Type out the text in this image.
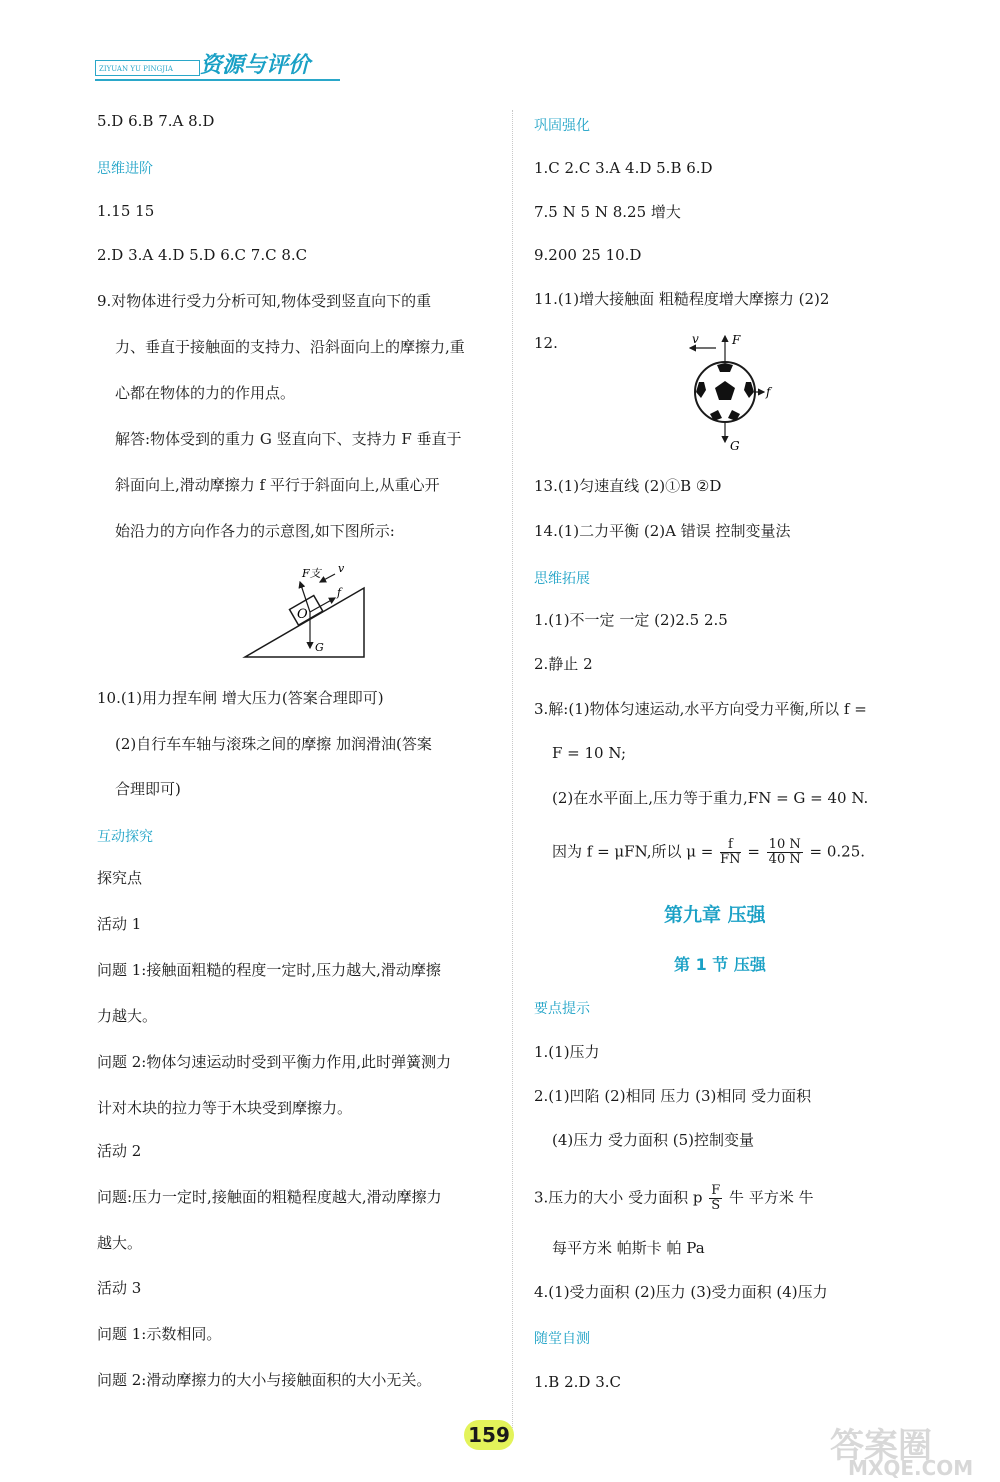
ZIYUAN YU PINGJIA	资源与评价
5.D 6.B 7.A 8.D
思维进阶
1.15 15
2.D 3.A 4.D 5.D 6.C 7.C 8.C
9.对物体进行受力分析可知,物体受到竖直向下的重
力、垂直于接触面的支持力、沿斜面向上的摩擦力,重
心都在物体的力的作用点。
解答:物体受到的重力 G 竖直向下、支持力 F 垂直于
斜面向上,滑动摩擦力 f 平行于斜面向上,从重心开
始沿力的方向作各力的示意图,如下图所示:
F支 v
f
O
G
10.(1)用力捏车闸 增大压力(答案合理即可)
(2)自行车车轴与滚珠之间的摩擦 加润滑油(答案
合理即可)
互动探究
探究点
活动 1
问题 1:接触面粗糙的程度一定时,压力越大,滑动摩擦
力越大。
问题 2:物体匀速运动时受到平衡力作用,此时弹簧测力
计对木块的拉力等于木块受到摩擦力。
活动 2
问题:压力一定时,接触面的粗糙程度越大,滑动摩擦力
越大。
活动 3
问题 1:示数相同。
问题 2:滑动摩擦力的大小与接触面积的大小无关。
巩固强化
1.C 2.C 3.A 4.D 5.B 6.D
7.5 N 5 N 8.25 增大
9.200 25 10.D
11.(1)增大接触面 粗糙程度增大摩擦力 (2)2
12.	v	F
f
G
13.(1)匀速直线 (2)①B ②D
14.(1)二力平衡 (2)A 错误 控制变量法
思维拓展
1.(1)不一定 一定 (2)2.5 2.5
2.静止 2
3.解:(1)物体匀速运动,水平方向受力平衡,所以 f =
F = 10 N;
(2)在水平面上,压力等于重力,FN = G = 40 N.
因为 f = μFN,所以 $\mu = \frac{f}{FN} = \frac{10 N}{40 N} = 0.25$.
第九章 压强
第 1 节 压强
要点提示
1.(1)压力
2.(1)凹陷 (2)相同 压力 (3)相同 受力面积
(4)压力 受力面积 (5)控制变量
3.压力的大小 受力面积 p $\frac{F}{S}$ 牛 平方米 牛
每平方米 帕斯卡 帕 Pa
4.(1)受力面积 (2)压力 (3)受力面积 (4)压力
随堂自测
1.B 2.D 3.C
159	答案圈
MXQE.COM
